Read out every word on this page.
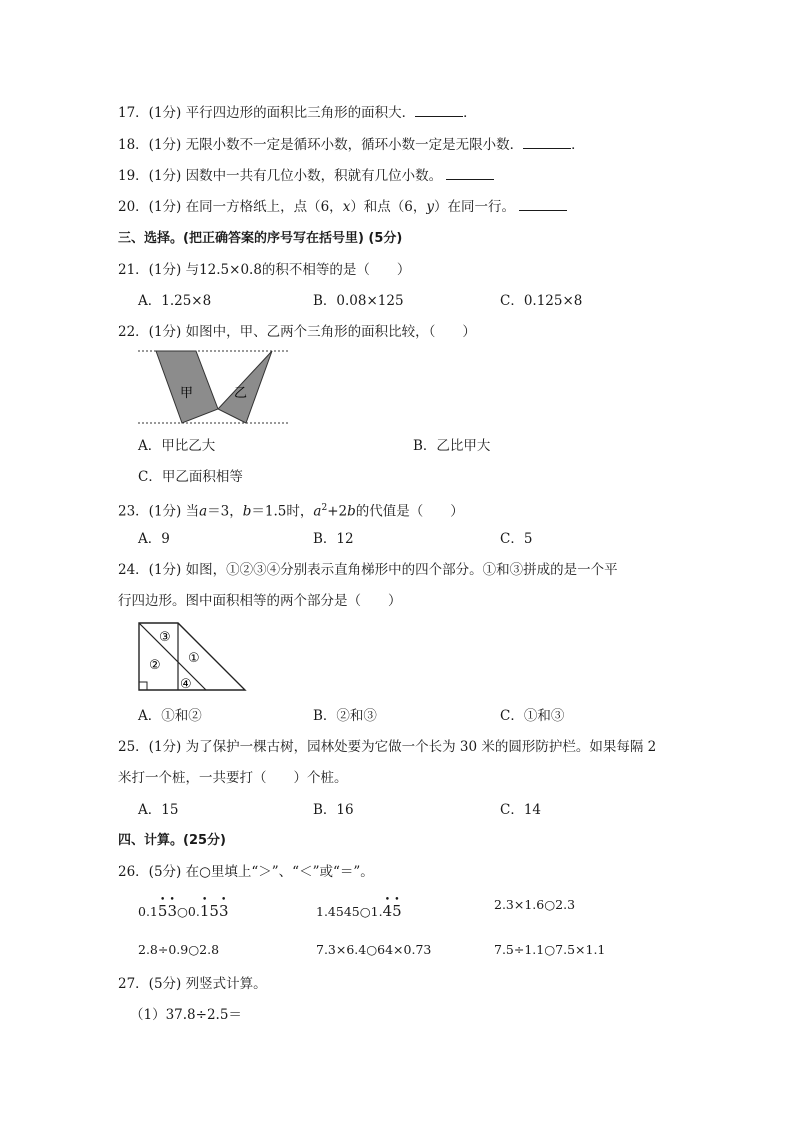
17．(1分) 平行四边形的面积比三角形的面积大．	．
18．(1分) 无限小数不一定是循环小数，循环小数一定是无限小数．	．
19．(1分) 因数中一共有几位小数，积就有几位小数。
20．(1分) 在同一方格纸上，点（6，x）和点（6，y）在同一行。
三、选择。(把正确答案的序号写在括号里) (5分)
21．(1分) 与12.5×0.8的积不相等的是（　　）
A．1.25×8	B．0.08×125	C．0.125×8
22．(1分) 如图中，甲、乙两个三角形的面积比较，（　　）
甲	乙
A．甲比乙大	B．乙比甲大
C．甲乙面积相等
23．(1分) 当a＝3，b＝1.5时，$a^2+2b$的代值是（　　）
A．9	B．12	C．5
24．(1分) 如图，①②③④分别表示直角梯形中的四个部分。①和③拼成的是一个平
行四边形。图中面积相等的两个部分是（　　）
③
② ①
④
A．①和②	B．②和③	C．①和③
25．(1分) 为了保护一棵古树，园林处要为它做一个长为 30 米的圆形防护栏。如果每隔 2
米打一个桩，一共要打（　　）个桩。
A．15	B．16	C．14
四、计算。(25分)
26．(5分) 在○里填上“＞”、“＜”或“＝”。
0.1• 5• 3○0.• 15• 3	1.4545○1.• 4• 5	2.3×1.6○2.3
2.8÷0.9○2.8	7.3×6.4○64×0.73	7.5÷1.1○7.5×1.1
27．(5分) 列竖式计算。
（1）37.8÷2.5＝
